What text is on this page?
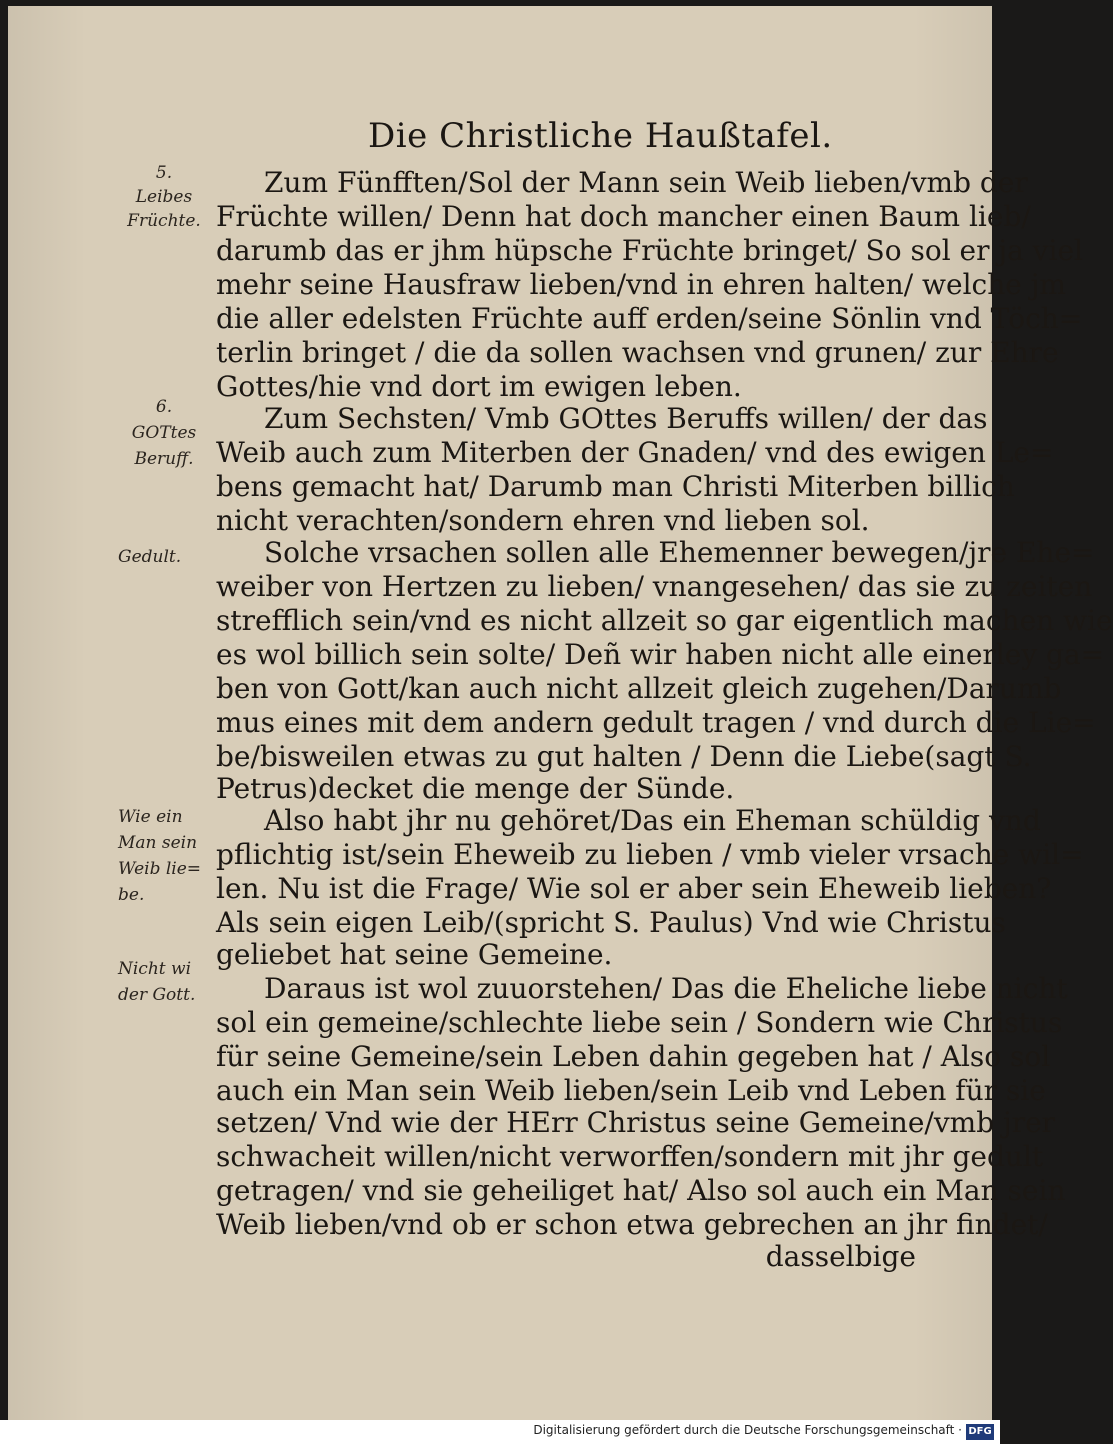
Die Christliche Haußtafel.
5.
Leibes
Früchte.
6.
GOTtes
Beruff.
Gedult.
Wie ein
Man sein
Weib lie=
be.
Nicht wi
der Gott.
Zum Fünfften/Sol der Mann sein Weib lieben/vmb der
Früchte willen/ Denn hat doch mancher einen Baum lieb/
darumb das er jhm hüpsche Früchte bringet/ So sol er ja viel
mehr seine Hausfraw lieben/vnd in ehren halten/ welche jm
die aller edelsten Früchte auff erden/seine Sönlin vnd Töch=
terlin bringet / die da sollen wachsen vnd grunen/ zur Ehre
Gottes/hie vnd dort im ewigen leben.
Zum Sechsten/ Vmb GOttes Beruffs willen/ der das
Weib auch zum Miterben der Gnaden/ vnd des ewigen Le=
bens gemacht hat/ Darumb man Christi Miterben billich
nicht verachten/sondern ehren vnd lieben sol.
Solche vrsachen sollen alle Ehemenner bewegen/jre Ehe=
weiber von Hertzen zu lieben/ vnangesehen/ das sie zu zeiten
strefflich sein/vnd es nicht allzeit so gar eigentlich machen wie
es wol billich sein solte/ Deñ wir haben nicht alle einerley ga=
ben von Gott/kan auch nicht allzeit gleich zugehen/Darumb
mus eines mit dem andern gedult tragen / vnd durch die Lie=
be/bisweilen etwas zu gut halten / Denn die Liebe(sagt S.
Petrus)decket die menge der Sünde.
Also habt jhr nu gehöret/Das ein Eheman schüldig vnd
pflichtig ist/sein Eheweib zu lieben / vmb vieler vrsache wil=
len. Nu ist die Frage/ Wie sol er aber sein Eheweib lieben?
Als sein eigen Leib/(spricht S. Paulus) Vnd wie Christus
geliebet hat seine Gemeine.
Daraus ist wol zuuorstehen/ Das die Eheliche liebe nicht
sol ein gemeine/schlechte liebe sein / Sondern wie Christus
für seine Gemeine/sein Leben dahin gegeben hat / Also sol
auch ein Man sein Weib lieben/sein Leib vnd Leben für sie
setzen/ Vnd wie der HErr Christus seine Gemeine/vmb jrer
schwacheit willen/nicht verworffen/sondern mit jhr gedult
getragen/ vnd sie geheiliget hat/ Also sol auch ein Man sein
Weib lieben/vnd ob er schon etwa gebrechen an jhr findet/
dasselbige
Digitalisierung gefördert durch die Deutsche Forschungsgemeinschaft · DFG
